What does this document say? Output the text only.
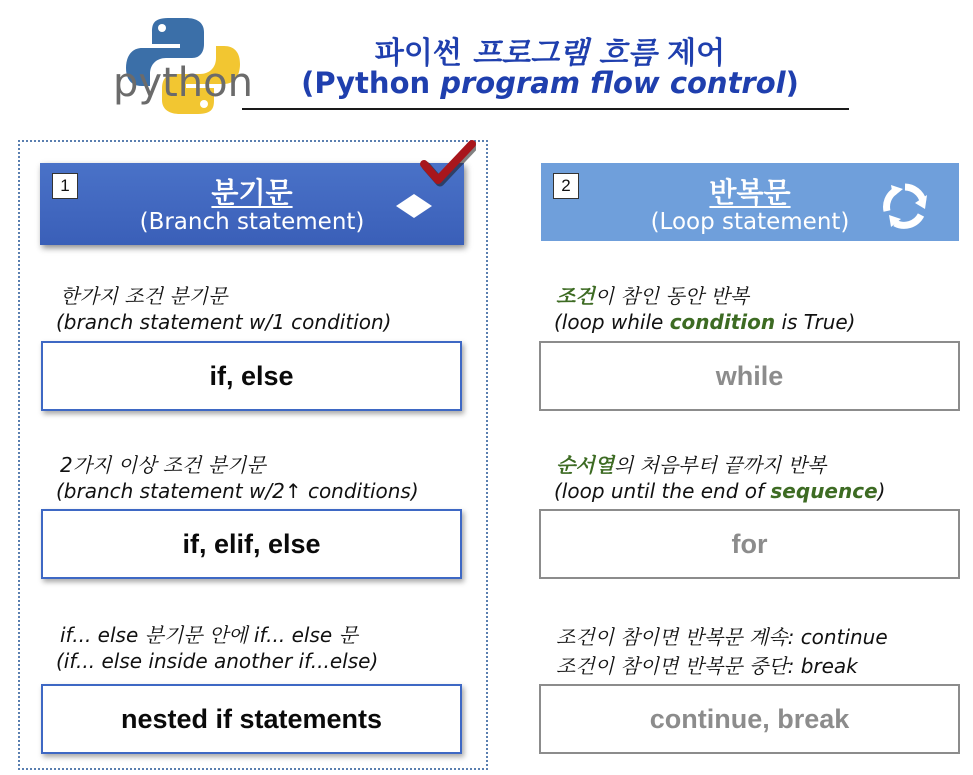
python
파이썬 프로그램 흐름 제어
(Python program flow control)
1	분기문
(Branch statement)
한가지 조건 분기문
(branch statement w/1 condition)
if, else
2가지 이상 조건 분기문
(branch statement w/2↑ conditions)
if, elif, else
if... else 분기문 안에 if... else 문
(if... else inside another if...else)
nested if statements
2	반복문
(Loop statement)
조건이 참인 동안 반복
(loop while condition is True)
while
순서열의 처음부터 끝까지 반복
(loop until the end of sequence)
for
조건이 참이면 반복문 계속: continue
조건이 참이면 반복문 중단: break
continue, break
